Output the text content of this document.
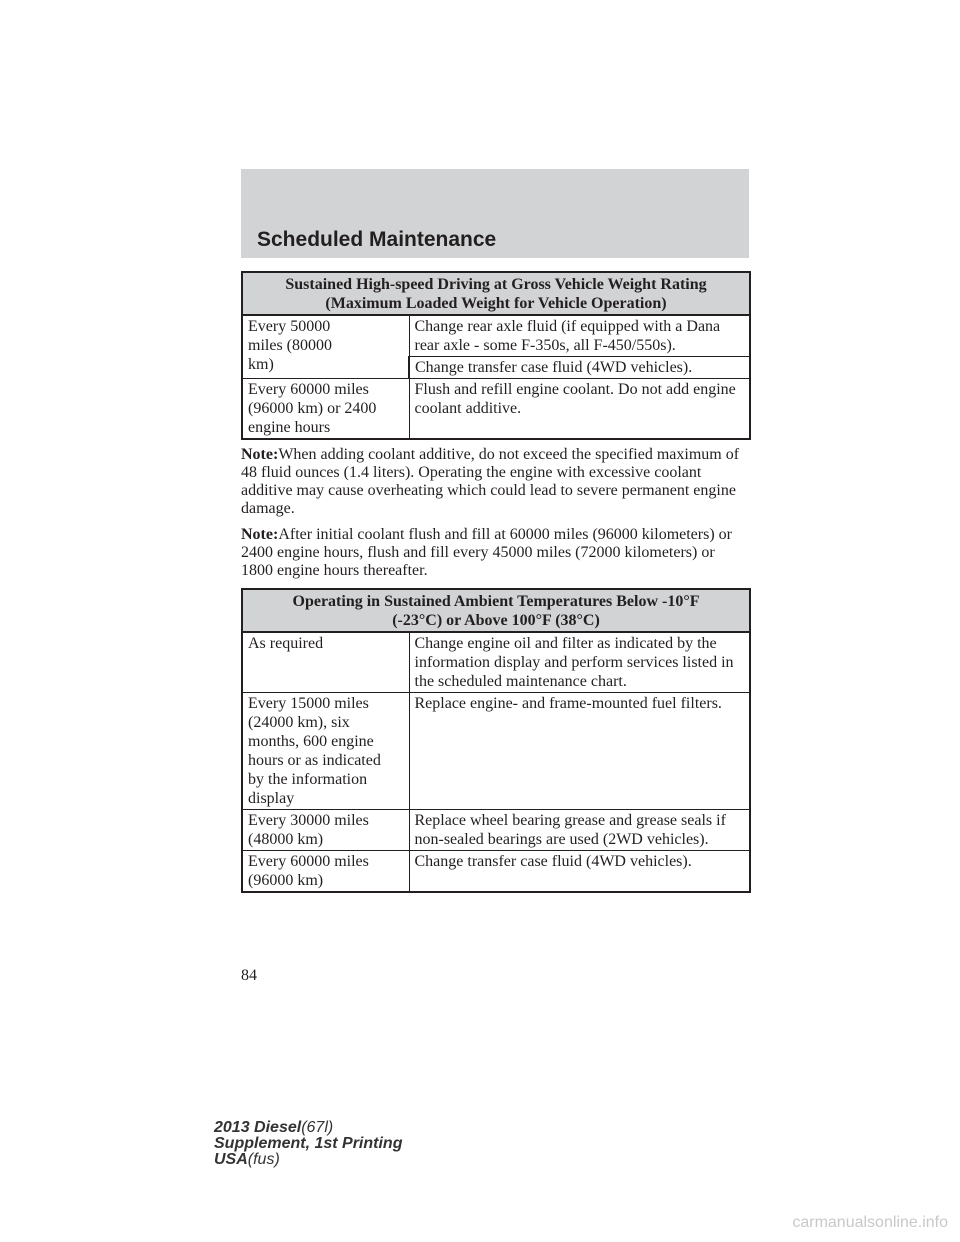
Scheduled Maintenance
Sustained High-speed Driving at Gross Vehicle Weight Rating
(Maximum Loaded Weight for Vehicle Operation)	

Every 50000 miles (80000 km)	Change rear axle fluid (if equipped with a Dana rear axle - some F-350s, all F-450/550s).
	Change transfer case fluid (4WD vehicles).
Every 60000 miles (96000 km) or 2400 engine hours	Flush and refill engine coolant. Do not add engine coolant additive.

Note:When adding coolant additive, do not exceed the specified maximum of 48 fluid ounces (1.4 liters). Operating the engine with excessive coolant additive may cause overheating which could lead to severe permanent engine damage.

Note:After initial coolant flush and fill at 60000 miles (96000 kilometers) or 2400 engine hours, flush and fill every 45000 miles (72000 kilometers) or 1800 engine hours thereafter.

Operating in Sustained Ambient Temperatures Below -10°F
(-23°C) or Above 100°F (38°C)	

As required	Change engine oil and filter as indicated by the information display and perform services listed in the scheduled maintenance chart.
Every 15000 miles (24000 km), six months, 600 engine hours or as indicated by the information display	Replace engine- and frame-mounted fuel filters.
Every 30000 miles (48000 km)	Replace wheel bearing grease and grease seals if non-sealed bearings are used (2WD vehicles).
Every 60000 miles (96000 km)	Change transfer case fluid (4WD vehicles).
84
2013 Diesel(67l)
Supplement, 1st Printing
USA(fus)
carmanualsonline.info
